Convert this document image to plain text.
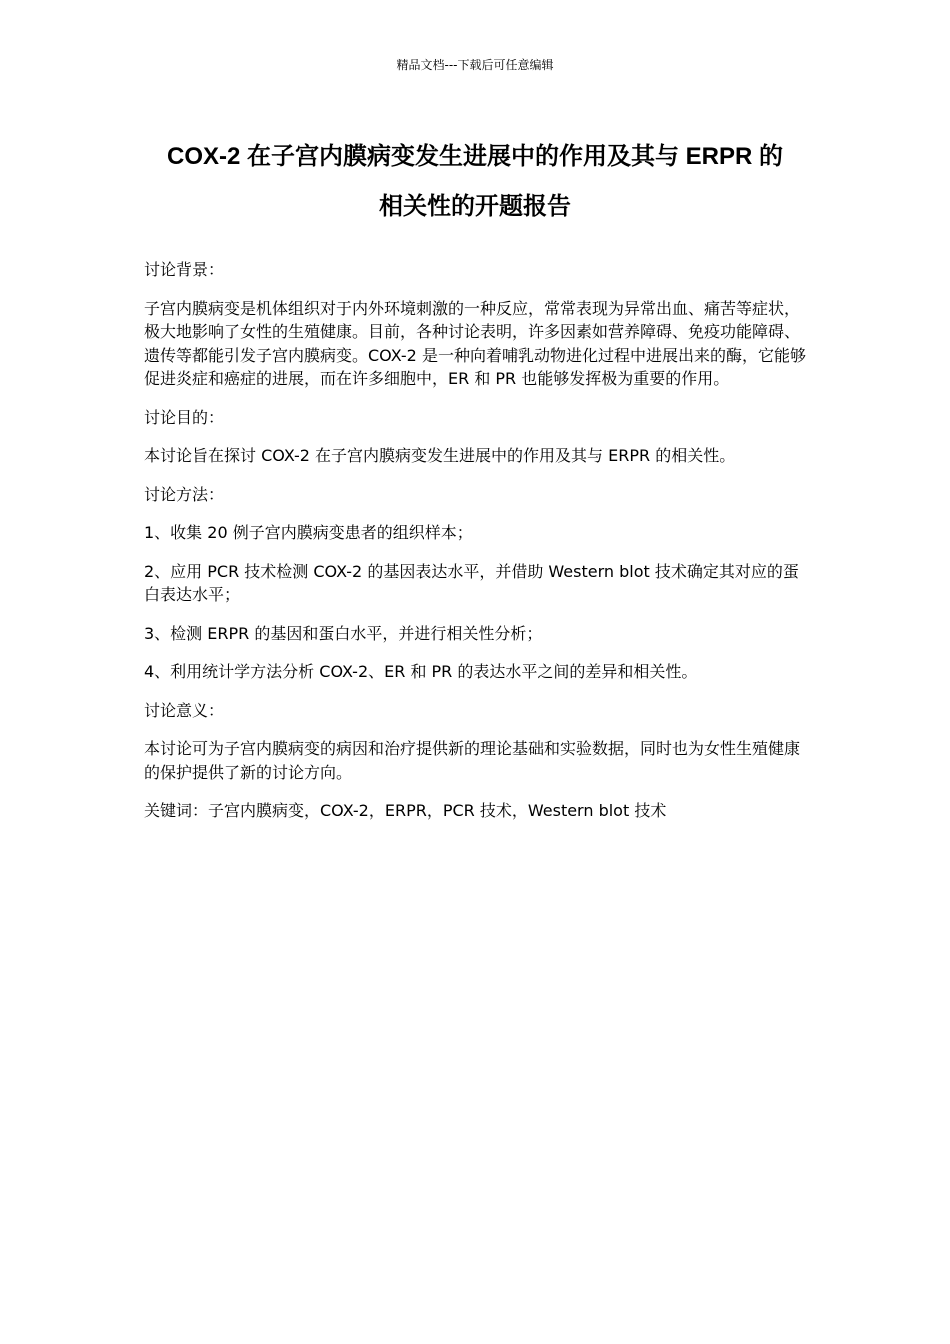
精品文档---下载后可任意编辑
COX-2 在子宫内膜病变发生进展中的作用及其与 ERPR 的
相关性的开题报告

讨论背景：

子宫内膜病变是机体组织对于内外环境刺激的一种反应，常常表现为异常出血、痛苦等症状，极大地影响了女性的生殖健康。目前，各种讨论表明，许多因素如营养障碍、免疫功能障碍、遗传等都能引发子宫内膜病变。COX-2 是一种向着哺乳动物进化过程中进展出来的酶，它能够促进炎症和癌症的进展，而在许多细胞中，ER 和 PR 也能够发挥极为重要的作用。

讨论目的：

本讨论旨在探讨 COX-2 在子宫内膜病变发生进展中的作用及其与 ERPR 的相关性。

讨论方法：

1、收集 20 例子宫内膜病变患者的组织样本；

2、应用 PCR 技术检测 COX-2 的基因表达水平，并借助 Western blot 技术确定其对应的蛋白表达水平；

3、检测 ERPR 的基因和蛋白水平，并进行相关性分析；

4、利用统计学方法分析 COX-2、ER 和 PR 的表达水平之间的差异和相关性。

讨论意义：

本讨论可为子宫内膜病变的病因和治疗提供新的理论基础和实验数据，同时也为女性生殖健康的保护提供了新的讨论方向。

关键词：子宫内膜病变，COX-2，ERPR，PCR 技术，Western blot 技术
